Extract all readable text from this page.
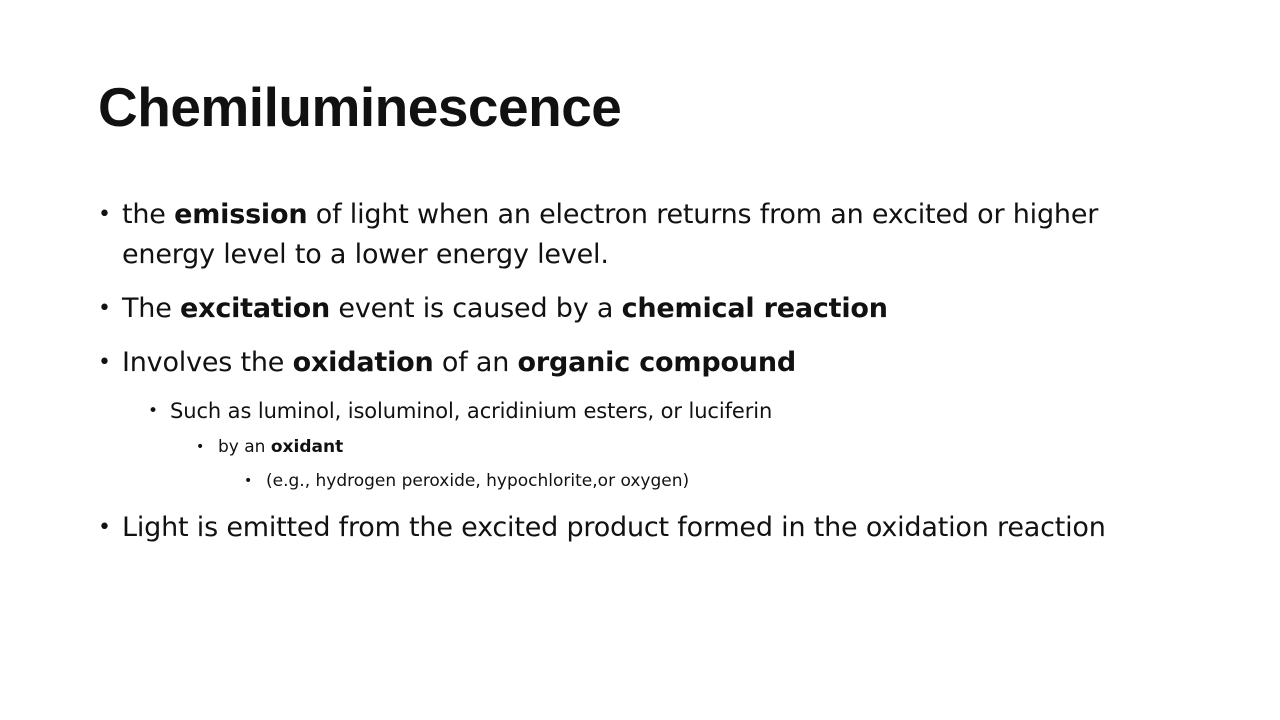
Chemiluminescence

• the emission of light when an electron returns from an excited or higher energy level to a lower energy level.

• The excitation event is caused by a chemical reaction

• Involves the oxidation of an organic compound

• Such as luminol, isoluminol, acridinium esters, or luciferin

• by an oxidant

• (e.g., hydrogen peroxide, hypochlorite,or oxygen)

• Light is emitted from the excited product formed in the oxidation reaction
